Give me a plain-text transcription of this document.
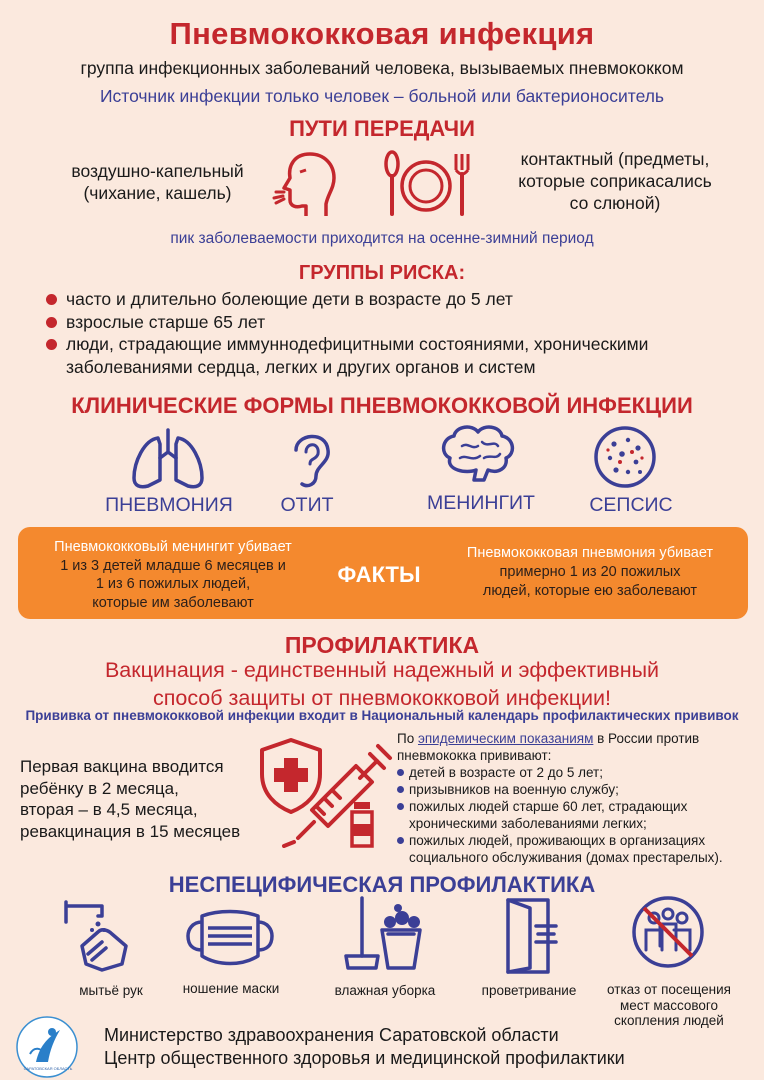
Пневмококковая инфекция
группа инфекционных заболеваний человека, вызываемых пневмококком
Источник инфекции только человек – больной или бактерионоситель
ПУТИ ПЕРЕДАЧИ
воздушно-капельный
(чихание, кашель)
контактный (предметы,
которые соприкасались
со слюной)
пик заболеваемости приходится на осенне-зимний период
ГРУППЫ РИСКА:
часто и длительно болеющие дети в возрасте до 5 лет
взрослые старше 65 лет
люди, страдающие иммуннодефицитными состояниями, хроническими заболеваниями сердца, легких и других органов и систем
КЛИНИЧЕСКИЕ ФОРМЫ ПНЕВМОКОККОВОЙ ИНФЕКЦИИ
ПНЕВМОНИЯ	ОТИТ	МЕНИНГИТ	СЕПСИС
Пневмококковый менингит убивает
1 из 3 детей младше 6 месяцев и
1 из 6 пожилых людей,
которые им заболевают
ФАКТЫ
Пневмококковая пневмония убивает
примерно 1 из 20 пожилых
людей, которые ею заболевают
ПРОФИЛАКТИКА
Вакцинация - единственный надежный и эффективный
способ защиты от пневмококковой инфекции!
Прививка от пневмококковой инфекции входит в Национальный календарь профилактических прививок
Первая вакцина вводится
ребёнку в 2 месяца,
вторая – в 4,5 месяца,
ревакцинация в 15 месяцев
По эпидемическим показаниям в России против пневмококка прививают:
детей в возрасте от 2 до 5 лет;
призывников на военную службу;
пожилых людей старше 60 лет, страдающих хроническими заболеваниями легких;
пожилых людей, проживающих в организациях социального обслуживания (домах престарелых).
НЕСПЕЦИФИЧЕСКАЯ ПРОФИЛАКТИКА
мытьё рук	ношение маски	влажная уборка	проветривание	отказ от посещения мест массового скопления людей
САРАТОВСКАЯ ОБЛАСТЬ
Министерство здравоохранения Саратовской области
Центр общественного здоровья и медицинской профилактики
